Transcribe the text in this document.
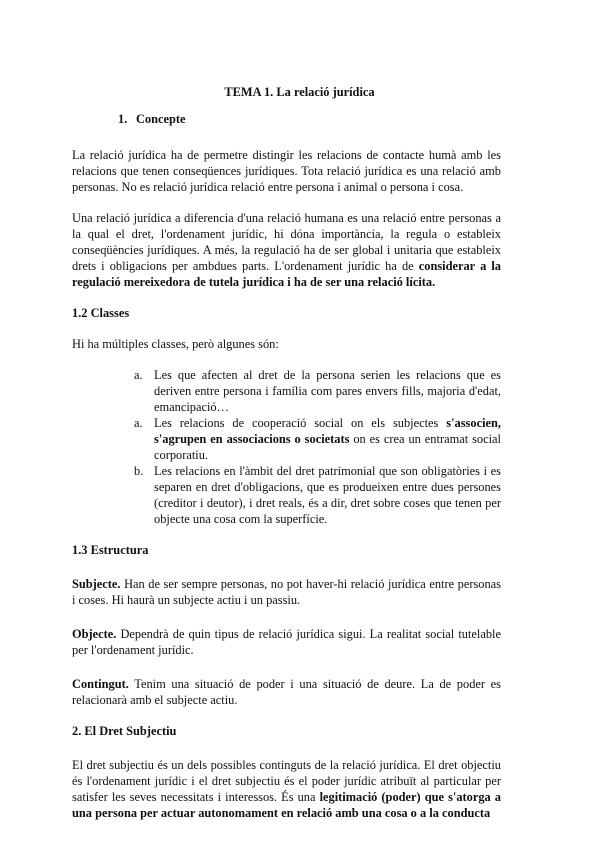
TEMA 1. La relació jurídica
1. Concepte

La relació jurídica ha de permetre distingir les relacions de contacte humà amb les relacions que tenen conseqüences jurídiques. Tota relació jurídica es una relació amb personas. No es relació jurídica relació entre persona i animal o persona i cosa.

Una relació jurídica a diferencia d'una relació humana es una relació entre personas a la qual el dret, l'ordenament jurídic, hi dóna importància, la regula o estableix conseqüències jurídiques. A més, la regulació ha de ser global i unitaria que estableix drets i obligacions per ambdues parts. L'ordenament jurídic ha de considerar a la regulació mereixedora de tutela jurídica i ha de ser una relació lícita.

1.2 Classes

Hi ha múltiples classes, però algunes són:

a. Les que afecten al dret de la persona serien les relacions que es deriven entre persona i família com pares envers fills, majoria d'edat, emancipació…
a. Les relacions de cooperació social on els subjectes s'associen, s'agrupen en associacions o societats on es crea un entramat social corporatiu.
b. Les relacions en l'àmbit del dret patrimonial que son obligatòries i es separen en dret d'obligacions, que es produeixen entre dues persones (creditor i deutor), i dret reals, és a dir, dret sobre coses que tenen per objecte una cosa com la superfície.
1.3 Estructura

Subjecte. Han de ser sempre personas, no pot haver-hi relació jurídica entre personas i coses. Hi haurà un subjecte actiu i un passiu.

Objecte. Dependrà de quin tipus de relació jurídica sigui. La realitat social tutelable per l'ordenament jurídic.

Contingut. Tenim una situació de poder i una situació de deure. La de poder es relacionarà amb el subjecte actiu.

2. El Dret Subjectiu

El dret subjectiu és un dels possibles continguts de la relació jurídica. El dret objectiu és l'ordenament jurídic i el dret subjectiu és el poder jurídic atribuït al particular per satisfer les seves necessitats i interessos. És una legitimació (poder) que s'atorga a una persona per actuar autonomament en relació amb una cosa o a la conducta
